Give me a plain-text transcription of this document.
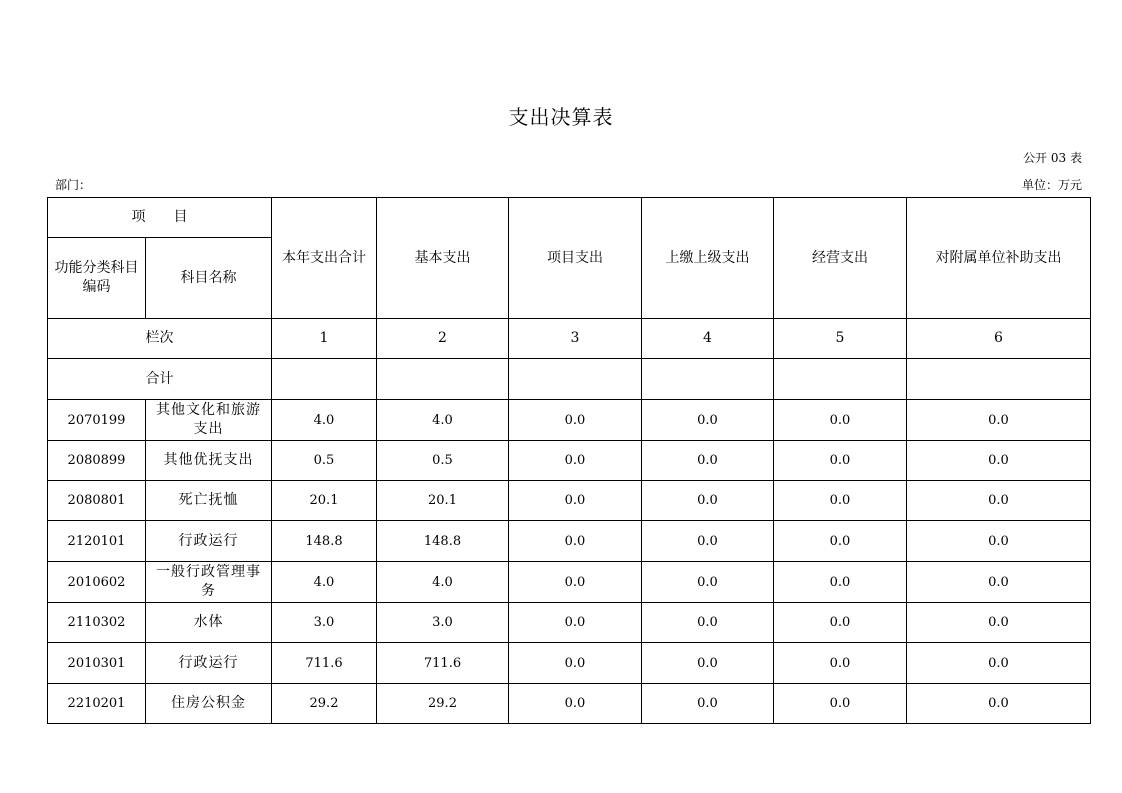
支出决算表
公开 03 表
部门：	单位：万元
项　　目		本年支出合计	基本支出	项目支出	上缴上级支出	经营支出	对附属单位补助支出
功能分类科目编码	科目名称						
栏次		1	2	3	4	5	6
合计							
2070199	其他文化和旅游支出	4.0	4.0	0.0	0.0	0.0	0.0
2080899	其他优抚支出	0.5	0.5	0.0	0.0	0.0	0.0
2080801	死亡抚恤	20.1	20.1	0.0	0.0	0.0	0.0
2120101	行政运行	148.8	148.8	0.0	0.0	0.0	0.0
2010602	一般行政管理事务	4.0	4.0	0.0	0.0	0.0	0.0
2110302	水体	3.0	3.0	0.0	0.0	0.0	0.0
2010301	行政运行	711.6	711.6	0.0	0.0	0.0	0.0
2210201	住房公积金	29.2	29.2	0.0	0.0	0.0	0.0
